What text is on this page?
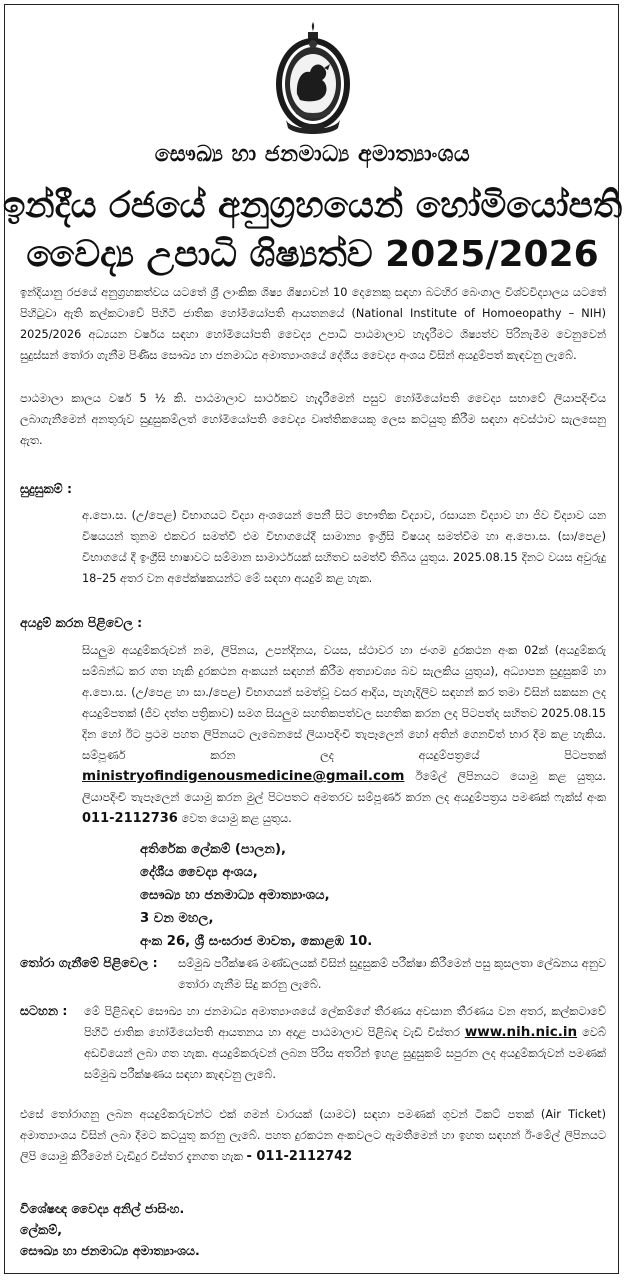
සෞඛ්‍ය හා ජනමාධ්‍ය අමාත්‍යාංශය
ඉන්දීය රජයේ අනුග්‍රහයෙන් හෝමියෝපති
වෛද්‍ය උපාධි ශිෂ්‍යත්ව 2025/2026
ඉන්දියානු රජයේ අනුග්‍රහකත්වය යටතේ ශ්‍රී ලාංකික ශිෂ්‍ය ශිෂ්‍යාවන් 10 දෙනෙකු සඳහා බටහිර බෙංගාල විශ්වවිද්‍යාලය යටතේ පිහිටුවා ඇති කල්කටාවේ පිහිටි ජාතික හෝමියෝපති ආයතනයේ (National Institute of Homoeopathy – NIH) 2025/2026 අධ්‍යයන වර්ෂය සඳහා හෝමියෝපති වෛද්‍ය උපාධි පාඨමාලාව හැදෑරීමට ශිෂ්‍යත්ව පිරිනැමීම වෙනුවෙන් සුදුස්සන් තෝරා ගැනීම පිණිස සෞඛ්‍ය හා ජනමාධ්‍ය අමාත්‍යාංශයේ දේශීය වෛද්‍ය අංශය විසින් අයදුම්පත් කැඳවනු ලැබේ.
පාඨමාලා කාලය වර්ෂ 5 ½ කි. පාඨමාලාව සාර්ථකව හැදෑරීමෙන් පසුව හෝමියෝපති වෛද්‍ය සභාවේ ලියාපදිංචිය ලබාගැනීමෙන් අනතුරුව සුදුසුකම්ලත් හෝමියෝපති වෛද්‍ය වෘත්තිකයෙකු ලෙස කටයුතු කිරීම සඳහා අවස්ථාව සැලසෙනු ඇත.
සුදුසුකම් :
අ.පො.ස. (උ/පෙළ) විභාගයට විද්‍යා අංශයෙන් පෙනී සිට භෞතික විද්‍යාව, රසායන විද්‍යාව හා ජීව විද්‍යාව යන විෂයයන් තුනම එකවර සමත්වී එම විභාගයේදී සාමාන්‍ය ඉංග්‍රීසි විෂයද සමත්වීම හා අ.පො.ස. (සා/පෙළ) විභාගයේ දී ඉංග්‍රීසි භාෂාවට සම්මාන සාමාර්ථයක් සහිතව සමත්වී තිබිය යුතුය. 2025.08.15 දිනට වයස අවුරුදු 18–25 අතර වන අපේක්ෂකයන්ට මේ සඳහා අයදුම් කළ හැක.
අයදුම් කරන පිළිවෙල :
සියලුම අයදුම්කරුවන් නම, ලිපිනය, උපන්දිනය, වයස, ස්ථාවර හා ජංගම දුරකථන අංක 02ක් (අයදුම්කරු සම්බන්ධ කර ගත හැකි දුරකථන අංකයන් සඳහන් කිරීම අත්‍යාවශ්‍ය බව සැලකිය යුතුය), අධ්‍යාපන සුදුසුකම් හා අ.පො.ස. (උ/පෙළ හා සා./පෙළ) විභාගයන් සමත්වූ වසර ආදිය, පැහැදිලිව සඳහන් කර තමා විසින් සකසන ලද අයදුම්පතක් (ජීව දත්ත පත්‍රිකාව) සමග සියලුම සහතිකපත්වල සහතික කරන ලද පිටපත්ද සහිතව 2025.08.15 දින හෝ ඊට ප්‍රථම පහත ලිපිනයට ලැබෙනසේ ලියාපදිංචි තැපෑලෙන් හෝ අතින් ගෙනවිත් භාර දීම කළ හැකිය. සම්පූර්ණ කරන ලද අයදුම්පත්‍රයේ පිටපතක් ministryofindigenousmedicine@gmail.com ඊමේල් ලිපිනයට යොමු කළ යුතුය. ලියාපදිංචි තැපෑලෙන් යොමු කරන මුල් පිටපතට අමතරව සම්පූර්ණ කරන ලද අයදුම්පත්‍රය පමණක් ෆැක්ස් අංක 011-2112736 වෙත යොමු කළ යුතුය.
අතිරේක ලේකම් (පාලන),
දේශීය වෛද්‍ය අංශය,
සෞඛ්‍ය හා ජනමාධ්‍ය අමාත්‍යාංශය,
3 වන මහල,
අංක 26, ශ්‍රී සංඝරාජ මාවත, කොළඹ 10.
තෝරා ගැනීමේ පිළිවෙල : සම්මුඛ පරීක්ෂණ මණ්ඩලයක් විසින් සුදුසුකම් පරීක්ෂා කිරීමෙන් පසු කුසලතා ලේඛනය අනුව තෝරා ගැනීම සිදු කරනු ලැබේ.
සටහන : මේ පිළිබඳව සෞඛ්‍ය හා ජනමාධ්‍ය අමාත්‍යාංශයේ ලේකම්ගේ තීරණය අවසාන තීරණය වන අතර, කල්කටාවේ පිහිටි ජාතික හෝමියෝපති ආයතනය හා අදාළ පාඨමාලාව පිළිබඳ වැඩි විස්තර www.nih.nic.in වෙබ් අඩවියෙන් ලබා ගත හැක. අයදුම්කරුවන් ලබන පිරිස අතරින් ඉහළ සුදුසුකම් සපුරන ලද අයදුම්කරුවන් පමණක් සම්මුඛ පරීක්ෂණය සඳහා කැඳවනු ලැබේ.
එසේ තෝරාගනු ලබන අයදුම්කරුවන්ට එක් ගමන් වාරයක් (යාමට) සඳහා පමණක් ගුවන් ටිකට් පතක් (Air Ticket) අමාත්‍යාංශය විසින් ලබා දීමට කටයුතු කරනු ලැබේ. පහත දුරකථන අංකවලට ඇමතීමෙන් හා ඉහත සඳහන් ඊ-මේල් ලිපිනයට ලිපි යොමු කිරීමෙන් වැඩිදුර විස්තර දැනගත හැක - 011-2112742
විශේෂඥ වෛද්‍ය අනිල් ජාසිංහ.
ලේකම්,
සෞඛ්‍ය හා ජනමාධ්‍ය අමාත්‍යාංශය.
